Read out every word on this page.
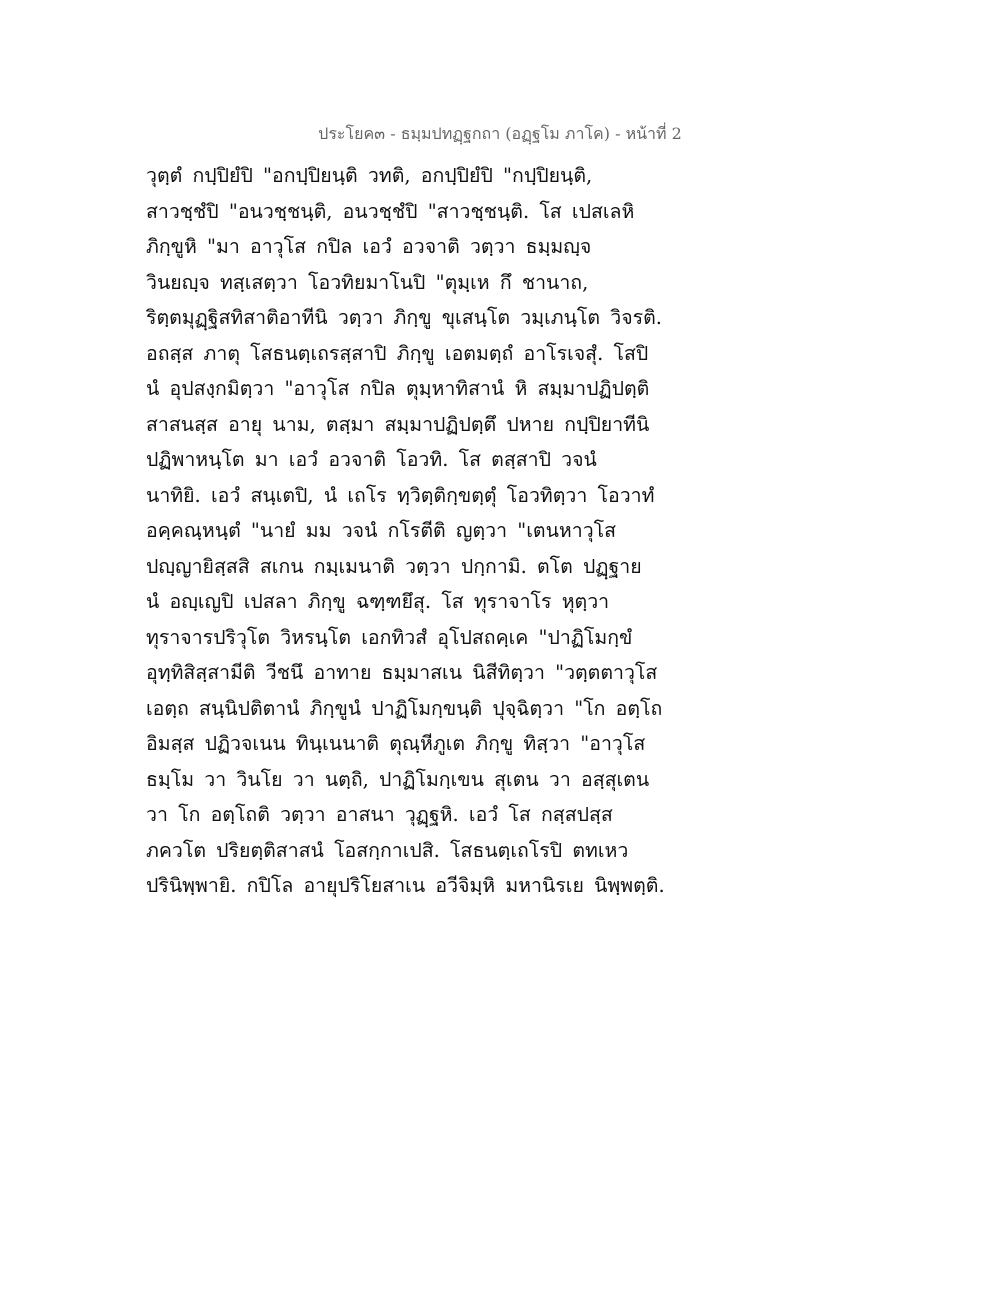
ประโยค๓ - ธมฺมปทฏฺฐกถา (อฏฺฐโม ภาโค) - หน้าที่ 2
วุตฺตํ กปฺปิยํปิ "อกปฺปิยนฺติ วทติ, อกปฺปิยํปิ "กปฺปิยนฺติ,
สาวชฺชํปิ "อนวชฺชนฺติ, อนวชฺชํปิ "สาวชฺชนฺติ. โส เปสเลหิ
ภิกฺขูหิ "มา อาวุโส กปิล เอวํ อวจาติ วตฺวา ธมฺมญฺจ
วินยญฺจ ทสฺเสตฺวา โอวทิยมาโนปิ "ตุมฺเห กึ ชานาถ,
ริตฺตมุฏฺฐิสทิสาติอาทีนิ วตฺวา ภิกฺขู ขุเสนฺโต วมฺเภนฺโต วิจรติ.
อถสฺส ภาตุ โสธนตฺเถรสฺสาปิ ภิกฺขู เอตมตฺถํ อาโรเจสุํ. โสปิ
นํ อุปสงฺกมิตฺวา "อาวุโส กปิล ตุมฺหาทิสานํ หิ สมฺมาปฏิปตฺติ
สาสนสฺส อายุ นาม, ตสฺมา สมฺมาปฏิปตฺตึ ปหาย กปฺปิยาทีนิ
ปฏิพาหนฺโต มา เอวํ อวจาติ โอวทิ. โส ตสฺสาปิ วจนํ
นาทิยิ. เอวํ สนฺเตปิ, นํ เถโร ทฺวิตฺติกฺขตฺตุํ โอวทิตฺวา โอวาทํ
อคฺคณฺหนฺตํ "นายํ มม วจนํ กโรตีติ ญตฺวา "เตนหาวุโส
ปญฺญายิสฺสสิ สเกน กมฺเมนาติ วตฺวา ปกฺกามิ. ตโต ปฏฺฐาย
นํ อญฺเญปิ เปสลา ภิกฺขู ฉฑฺฑยึสุ. โส ทุราจาโร หุตฺวา
ทุราจารปริวุโต วิหรนฺโต เอกทิวสํ อุโปสถคฺเค "ปาฏิโมกฺขํ
อุทฺทิสิสฺสามีติ วีชนึ อาทาย ธมฺมาสเน นิสีทิตฺวา "วตฺตตาวุโส
เอตฺถ สนฺนิปติตานํ ภิกฺขูนํ ปาฏิโมกฺขนฺติ ปุจฺฉิตฺวา "โก อตฺโถ
อิมสฺส ปฏิวจเนน ทินฺเนนาติ ตุณฺหีภูเต ภิกฺขู ทิสฺวา "อาวุโส
ธมฺโม วา วินโย วา นตฺถิ, ปาฏิโมกฺเขน สุเตน วา อสฺสุเตน
วา โก อตฺโถติ วตฺวา อาสนา วุฏฺฐหิ. เอวํ โส กสฺสปสฺส
ภควโต ปริยตฺติสาสนํ โอสกฺกาเปสิ. โสธนตฺเถโรปิ ตทเหว
ปรินิพฺพายิ. กปิโล อายุปริโยสาเน อวีจิมฺหิ มหานิรเย นิพฺพตฺติ.
